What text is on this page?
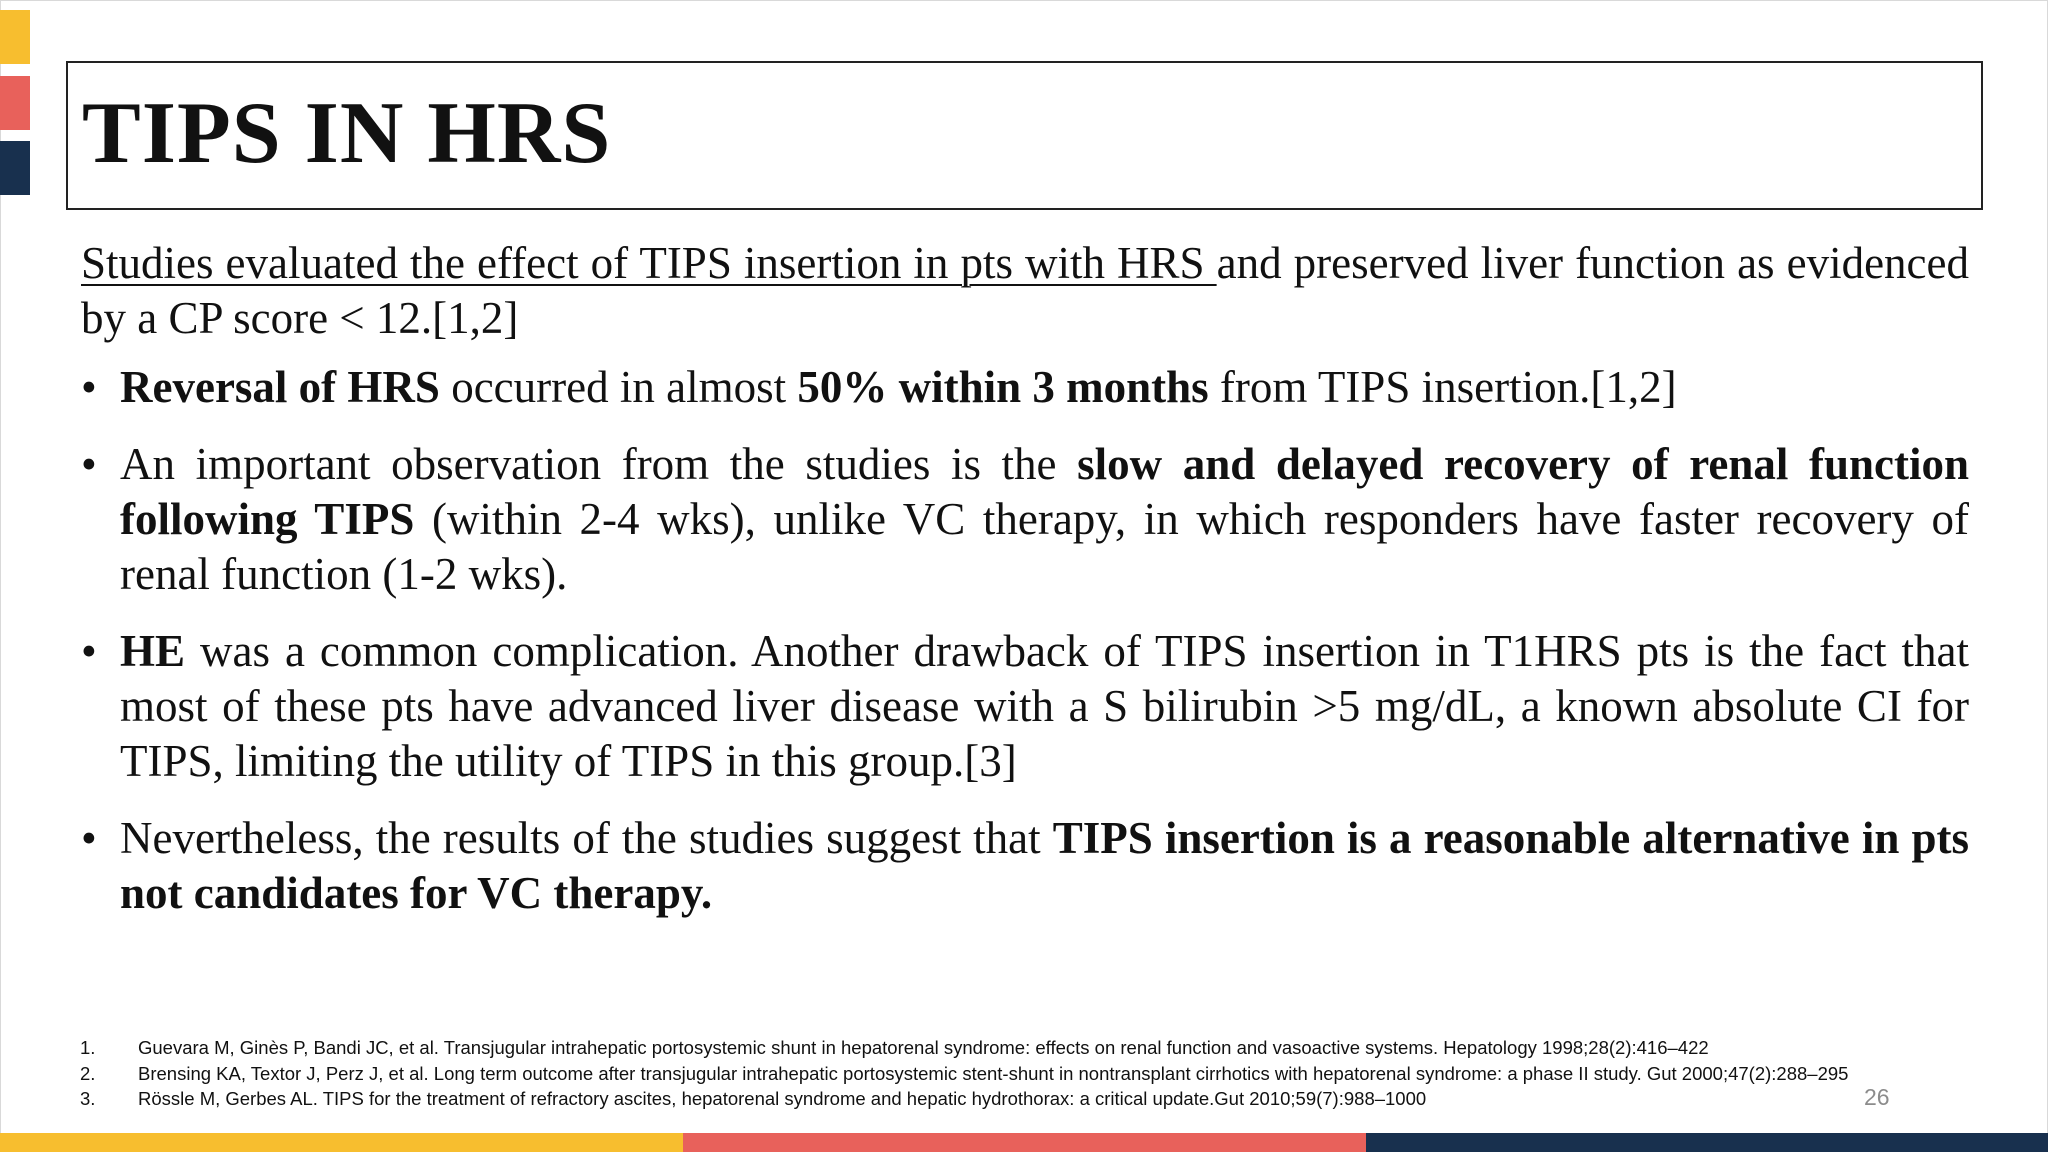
TIPS IN HRS

Studies evaluated the effect of TIPS insertion in pts with HRS and preserved liver function as evidenced by a CP score < 12.[1,2]

• Reversal of HRS occurred in almost 50% within 3 months from TIPS insertion.[1,2]
• An important observation from the studies is the slow and delayed recovery of renal function following TIPS (within 2-4 wks), unlike VC therapy, in which responders have faster recovery of renal function (1-2 wks).
• HE was a common complication. Another drawback of TIPS insertion in T1HRS pts is the fact that most of these pts have advanced liver disease with a S bilirubin >5 mg/dL, a known absolute CI for TIPS, limiting the utility of TIPS in this group.[3]
• Nevertheless, the results of the studies suggest that TIPS insertion is a reasonable alternative in pts not candidates for VC therapy.
1.	Guevara M, Ginès P, Bandi JC, et al. Transjugular intrahepatic portosystemic shunt in hepatorenal syndrome: effects on renal function and vasoactive systems. Hepatology 1998;28(2):416–422
2.	Brensing KA, Textor J, Perz J, et al. Long term outcome after transjugular intrahepatic portosystemic stent-shunt in nontransplant cirrhotics with hepatorenal syndrome: a phase II study. Gut 2000;47(2):288–295
3.	Rössle M, Gerbes AL. TIPS for the treatment of refractory ascites, hepatorenal syndrome and hepatic hydrothorax: a critical update.Gut 2010;59(7):988–1000	26
